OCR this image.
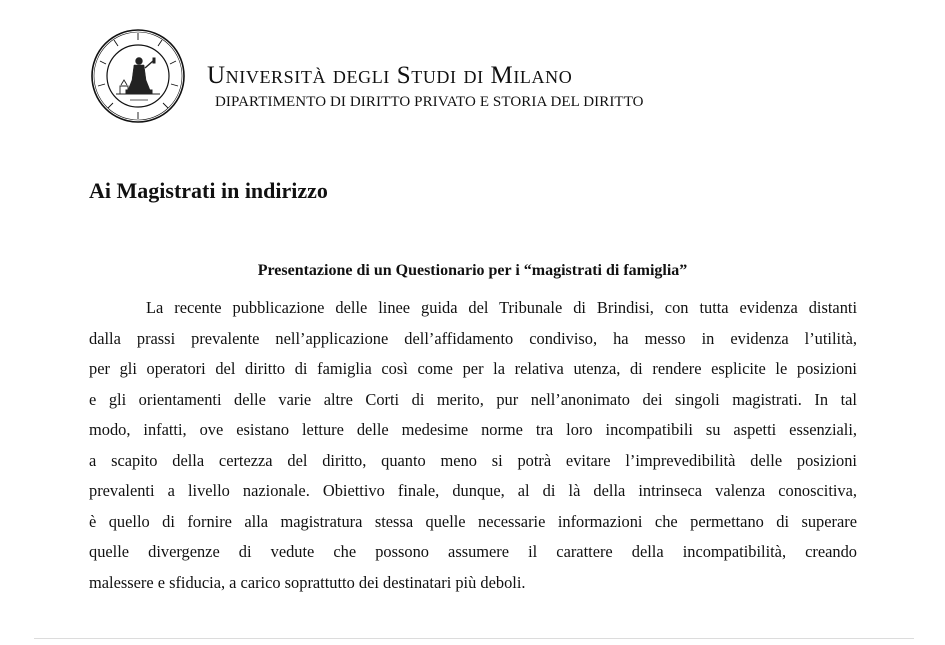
Università degli Studi di Milano
DIPARTIMENTO DI DIRITTO PRIVATO E STORIA DEL DIRITTO
Ai Magistrati in indirizzo
Presentazione di un Questionario per i “magistrati di famiglia”

La recente pubblicazione delle linee guida del Tribunale di Brindisi, con tutta evidenza distanti
dalla prassi prevalente nell’applicazione dell’affidamento condiviso, ha messo in evidenza l’utilità,
per gli operatori del diritto di famiglia così come per la relativa utenza, di rendere esplicite le posizioni
e gli orientamenti delle varie altre Corti di merito, pur nell’anonimato dei singoli magistrati. In tal
modo, infatti, ove esistano letture delle medesime norme tra loro incompatibili su aspetti essenziali,
a scapito della certezza del diritto, quanto meno si potrà evitare l’imprevedibilità delle posizioni
prevalenti a livello nazionale. Obiettivo finale, dunque, al di là della intrinseca valenza conoscitiva,
è quello di fornire alla magistratura stessa quelle necessarie informazioni che permettano di superare
quelle divergenze di vedute che possono assumere il carattere della incompatibilità, creando
malessere e sfiducia, a carico soprattutto dei destinatari più deboli.
